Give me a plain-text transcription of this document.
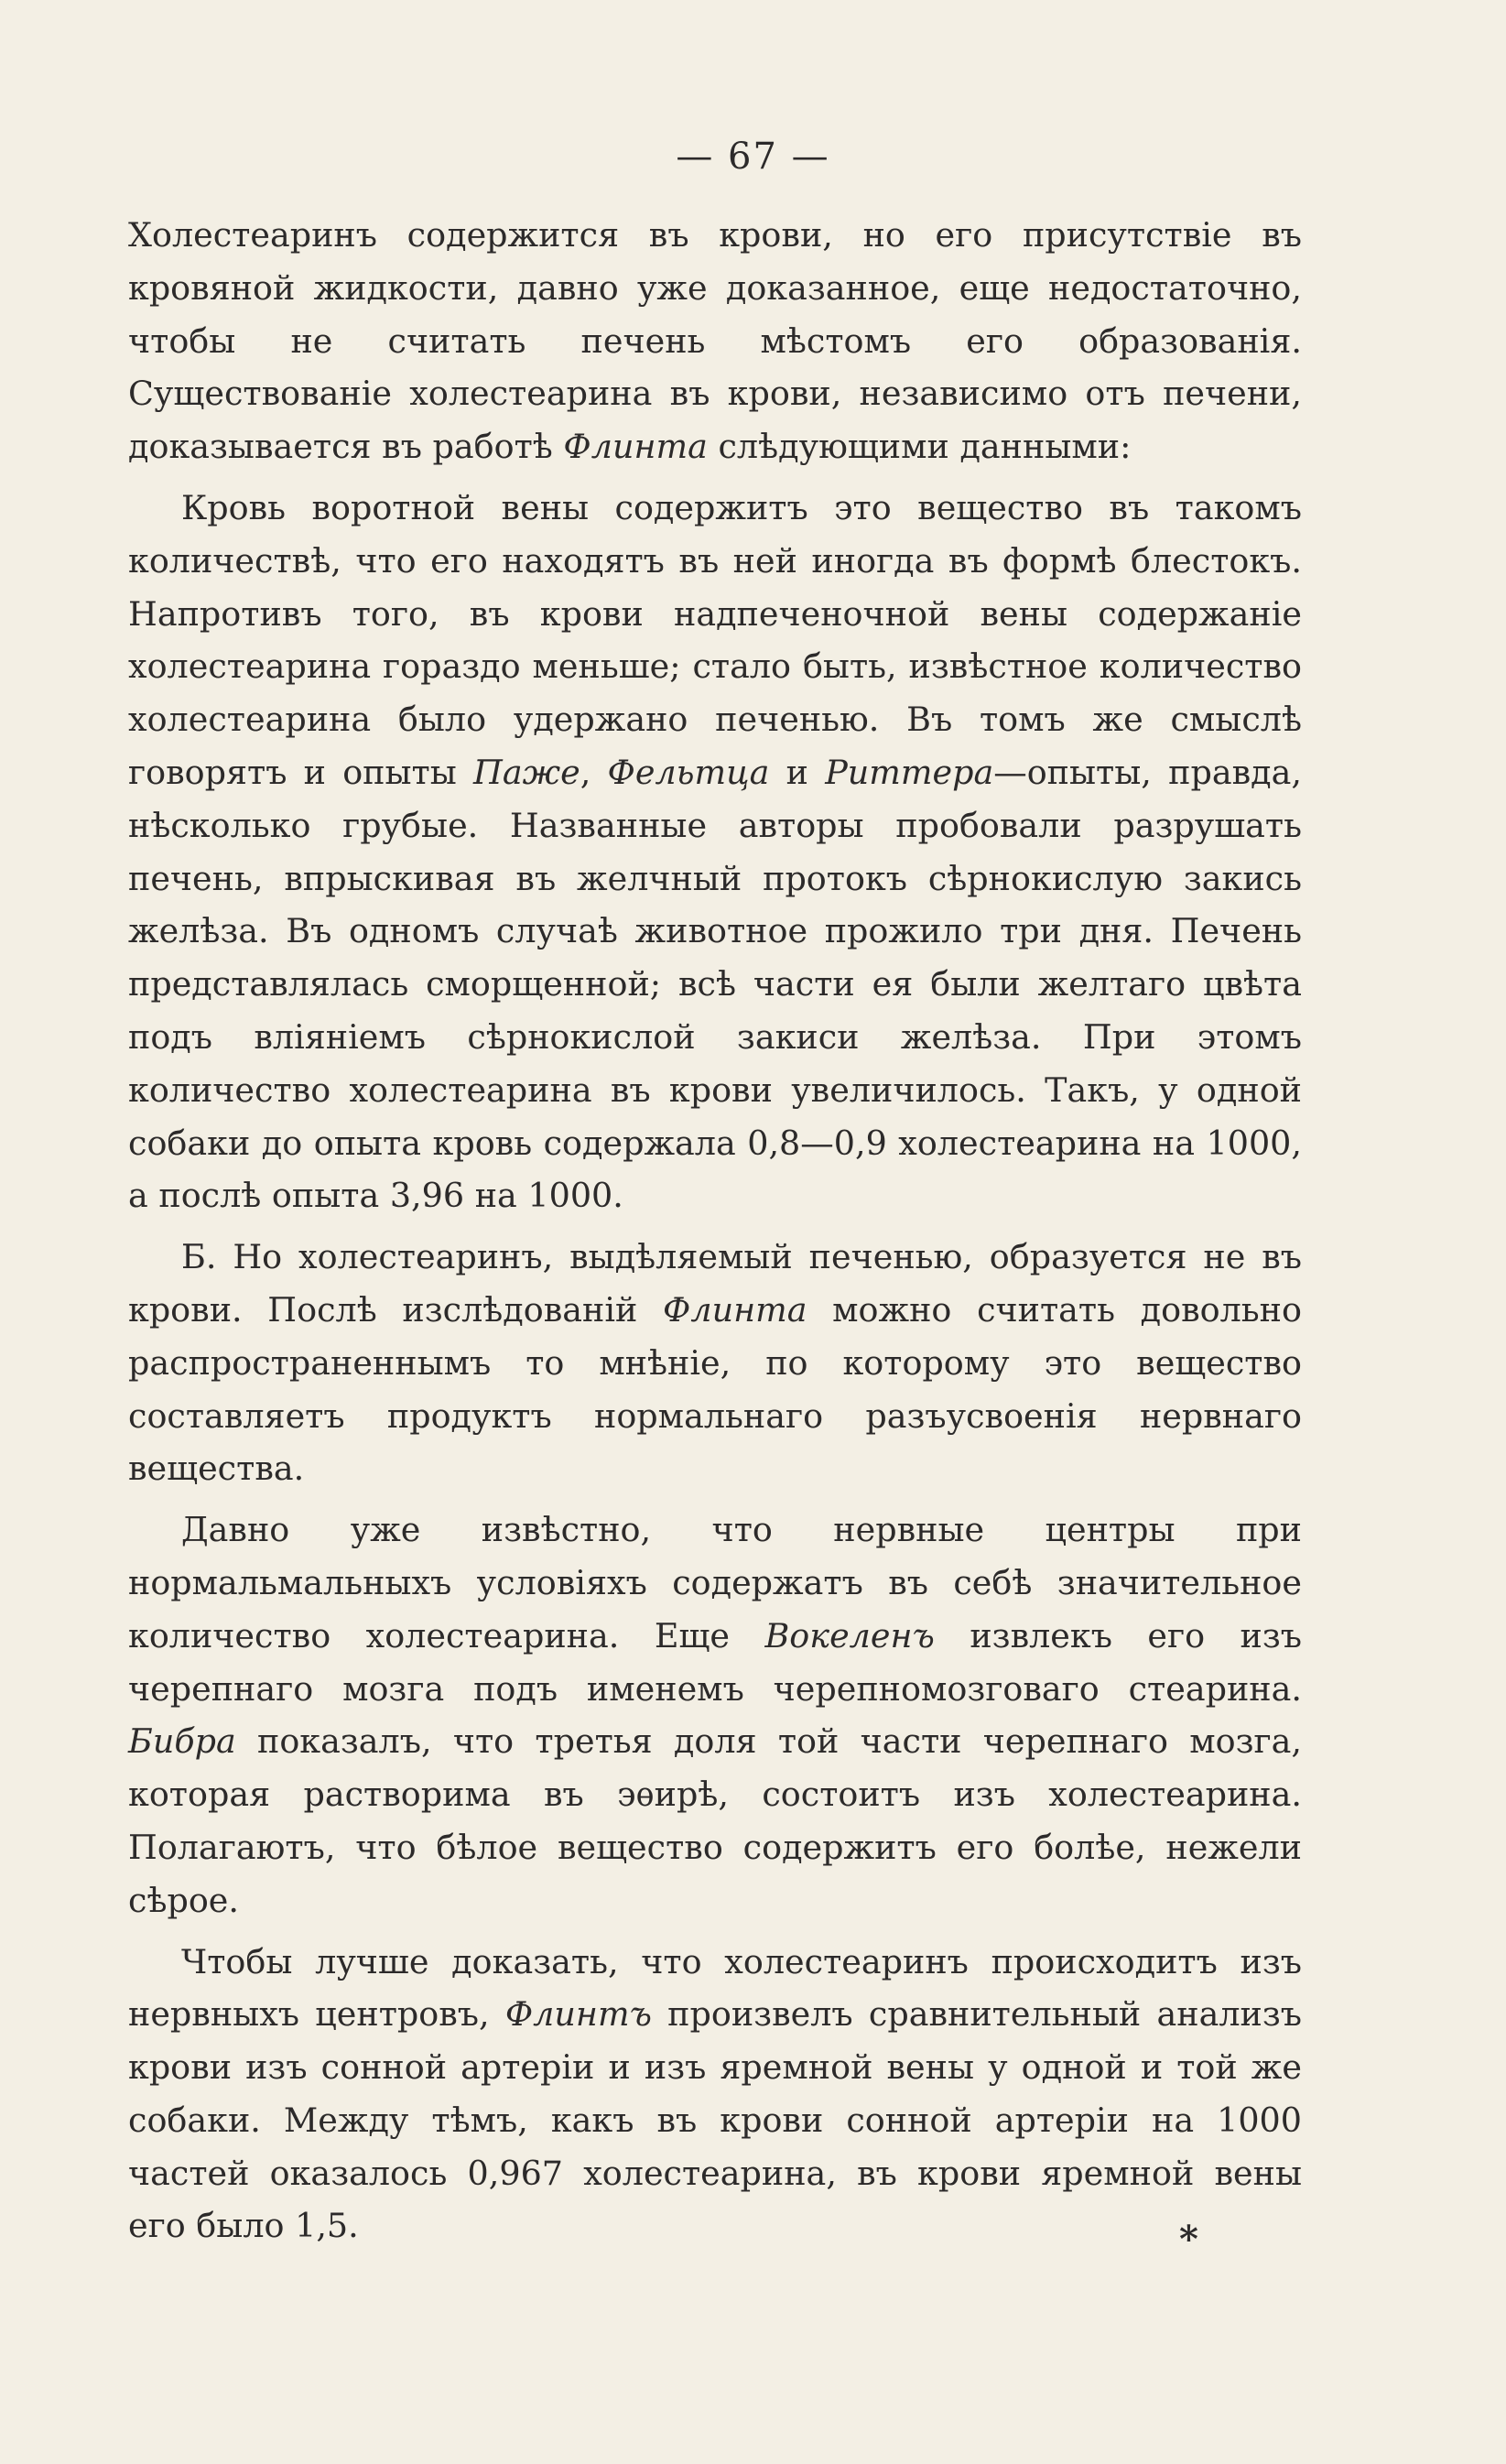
— 67 —

Холестеаринъ содержится въ крови, но его присутствіе въ кровяной жидкости, давно уже доказанное, еще недостаточно, чтобы не считать печень мѣстомъ его образованія. Существованіе холестеарина въ крови, независимо отъ печени, доказывается въ работѣ Флинта слѣдующими данными:

Кровь воротной вены содержитъ это вещество въ такомъ количествѣ, что его находятъ въ ней иногда въ формѣ блестокъ. Напротивъ того, въ крови надпеченочной вены содержаніе холестеарина гораздо меньше; стало быть, извѣстное количество холестеарина было удержано печенью. Въ томъ же смыслѣ говорятъ и опыты Паже, Фельтца и Риттера—опыты, правда, нѣсколько грубые. Названные авторы пробовали разрушать печень, впрыскивая въ желчный протокъ сѣрнокислую закись желѣза. Въ одномъ случаѣ животное прожило три дня. Печень представлялась сморщенной; всѣ части ея были желтаго цвѣта подъ вліяніемъ сѣрнокислой закиси желѣза. При этомъ количество холестеарина въ крови увеличилось. Такъ, у одной собаки до опыта кровь содержала 0,8—0,9 холестеарина на 1000, а послѣ опыта 3,96 на 1000.

Б. Но холестеаринъ, выдѣляемый печенью, образуется не въ крови. Послѣ изслѣдованій Флинта можно считать довольно распространеннымъ то мнѣніе, по которому это вещество составляетъ продуктъ нормальнаго разъусвоенія нервнаго вещества.

Давно уже извѣстно, что нервные центры при нормальмальныхъ условіяхъ содержатъ въ себѣ значительное количество холестеарина. Еще Вокеленъ извлекъ его изъ черепнаго мозга подъ именемъ черепномозговаго стеарина. Бибра показалъ, что третья доля той части черепнаго мозга, которая растворима въ эѳирѣ, состоитъ изъ холестеарина. Полагаютъ, что бѣлое вещество содержитъ его болѣе, нежели сѣрое.

Чтобы лучше доказать, что холестеаринъ происходитъ изъ нервныхъ центровъ, Флинтъ произвелъ сравнительный анализъ крови изъ сонной артеріи и изъ яремной вены у одной и той же собаки. Между тѣмъ, какъ въ крови сонной артеріи на 1000 частей оказалось 0,967 холестеарина, въ крови яремной вены его было 1,5.	*
